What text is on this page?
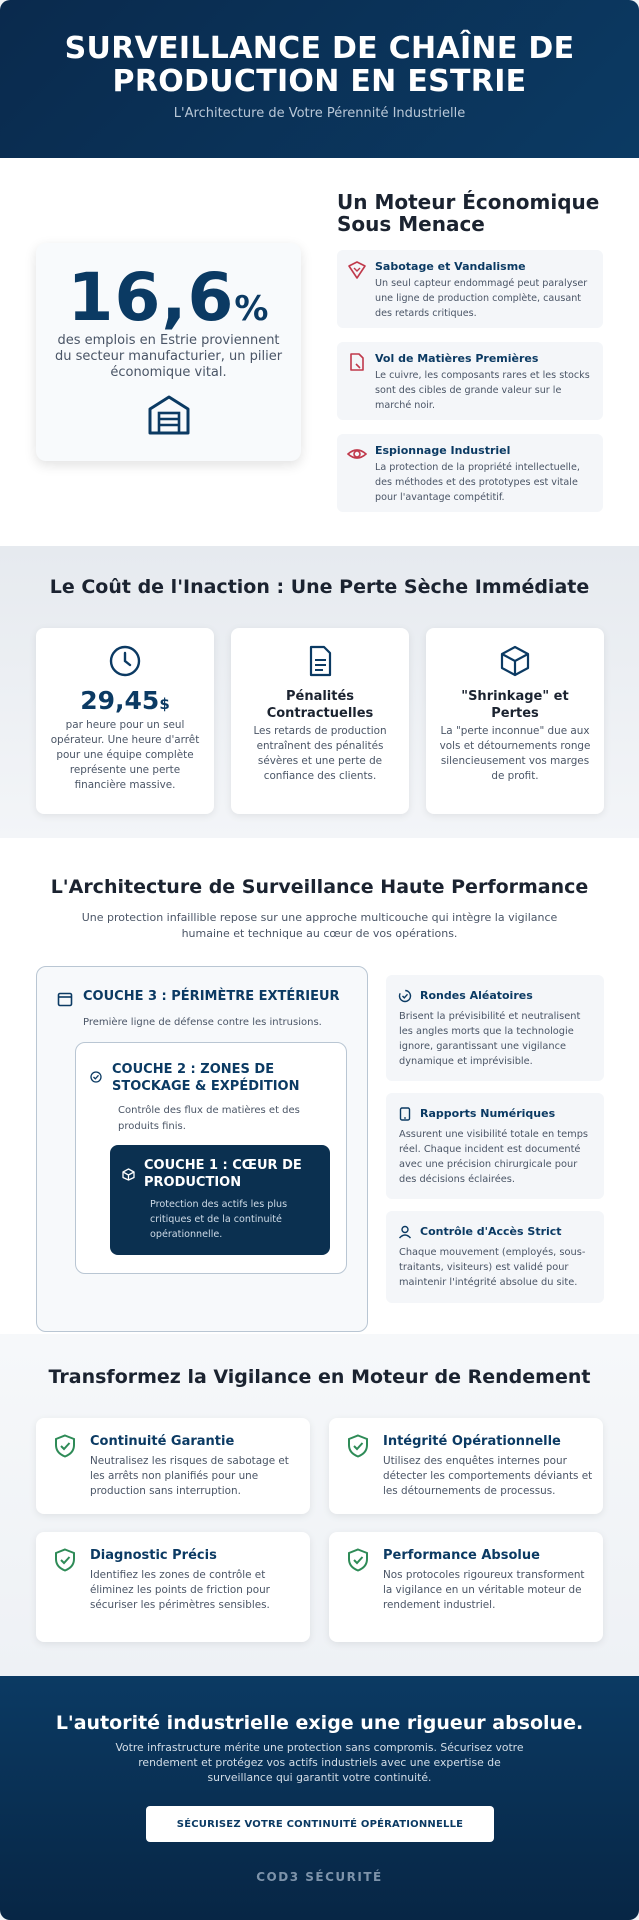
SURVEILLANCE DE CHAÎNE DE
PRODUCTION EN ESTRIE
L'Architecture de Votre Pérennité Industrielle
16,6%
des emplois en Estrie proviennent du secteur manufacturier, un pilier économique vital.
Un Moteur Économique Sous Menace
Sabotage et Vandalisme
Un seul capteur endommagé peut paralyser une ligne de production complète, causant des retards critiques.
Vol de Matières Premières
Le cuivre, les composants rares et les stocks sont des cibles de grande valeur sur le marché noir.
Espionnage Industriel
La protection de la propriété intellectuelle, des méthodes et des prototypes est vitale pour l'avantage compétitif.
Le Coût de l'Inaction : Une Perte Sèche Immédiate
29,45$
par heure pour un seul opérateur. Une heure d'arrêt pour une équipe complète représente une perte financière massive.
Pénalités Contractuelles
Les retards de production entraînent des pénalités sévères et une perte de confiance des clients.
"Shrinkage" et Pertes
La "perte inconnue" due aux vols et détournements ronge silencieusement vos marges de profit.
L'Architecture de Surveillance Haute Performance
Une protection infaillible repose sur une approche multicouche qui intègre la vigilance humaine et technique au cœur de vos opérations.
COUCHE 3 : PÉRIMÈTRE EXTÉRIEUR
Première ligne de défense contre les intrusions.
COUCHE 2 : ZONES DE STOCKAGE & EXPÉDITION
Contrôle des flux de matières et des produits finis.
COUCHE 1 : CŒUR DE PRODUCTION
Protection des actifs les plus critiques et de la continuité opérationnelle.
Rondes Aléatoires
Brisent la prévisibilité et neutralisent les angles morts que la technologie ignore, garantissant une vigilance dynamique et imprévisible.
Rapports Numériques
Assurent une visibilité totale en temps réel. Chaque incident est documenté avec une précision chirurgicale pour des décisions éclairées.
Contrôle d'Accès Strict
Chaque mouvement (employés, sous-traitants, visiteurs) est validé pour maintenir l'intégrité absolue du site.
Transformez la Vigilance en Moteur de Rendement
Continuité Garantie
Neutralisez les risques de sabotage et les arrêts non planifiés pour une production sans interruption.
Intégrité Opérationnelle
Utilisez des enquêtes internes pour détecter les comportements déviants et les détournements de processus.
Diagnostic Précis
Identifiez les zones de contrôle et éliminez les points de friction pour sécuriser les périmètres sensibles.
Performance Absolue
Nos protocoles rigoureux transforment la vigilance en un véritable moteur de rendement industriel.
L'autorité industrielle exige une rigueur absolue.
Votre infrastructure mérite une protection sans compromis. Sécurisez votre rendement et protégez vos actifs industriels avec une expertise de surveillance qui garantit votre continuité.
SÉCURISEZ VOTRE CONTINUITÉ OPÉRATIONNELLE
COD3 SÉCURITÉ
